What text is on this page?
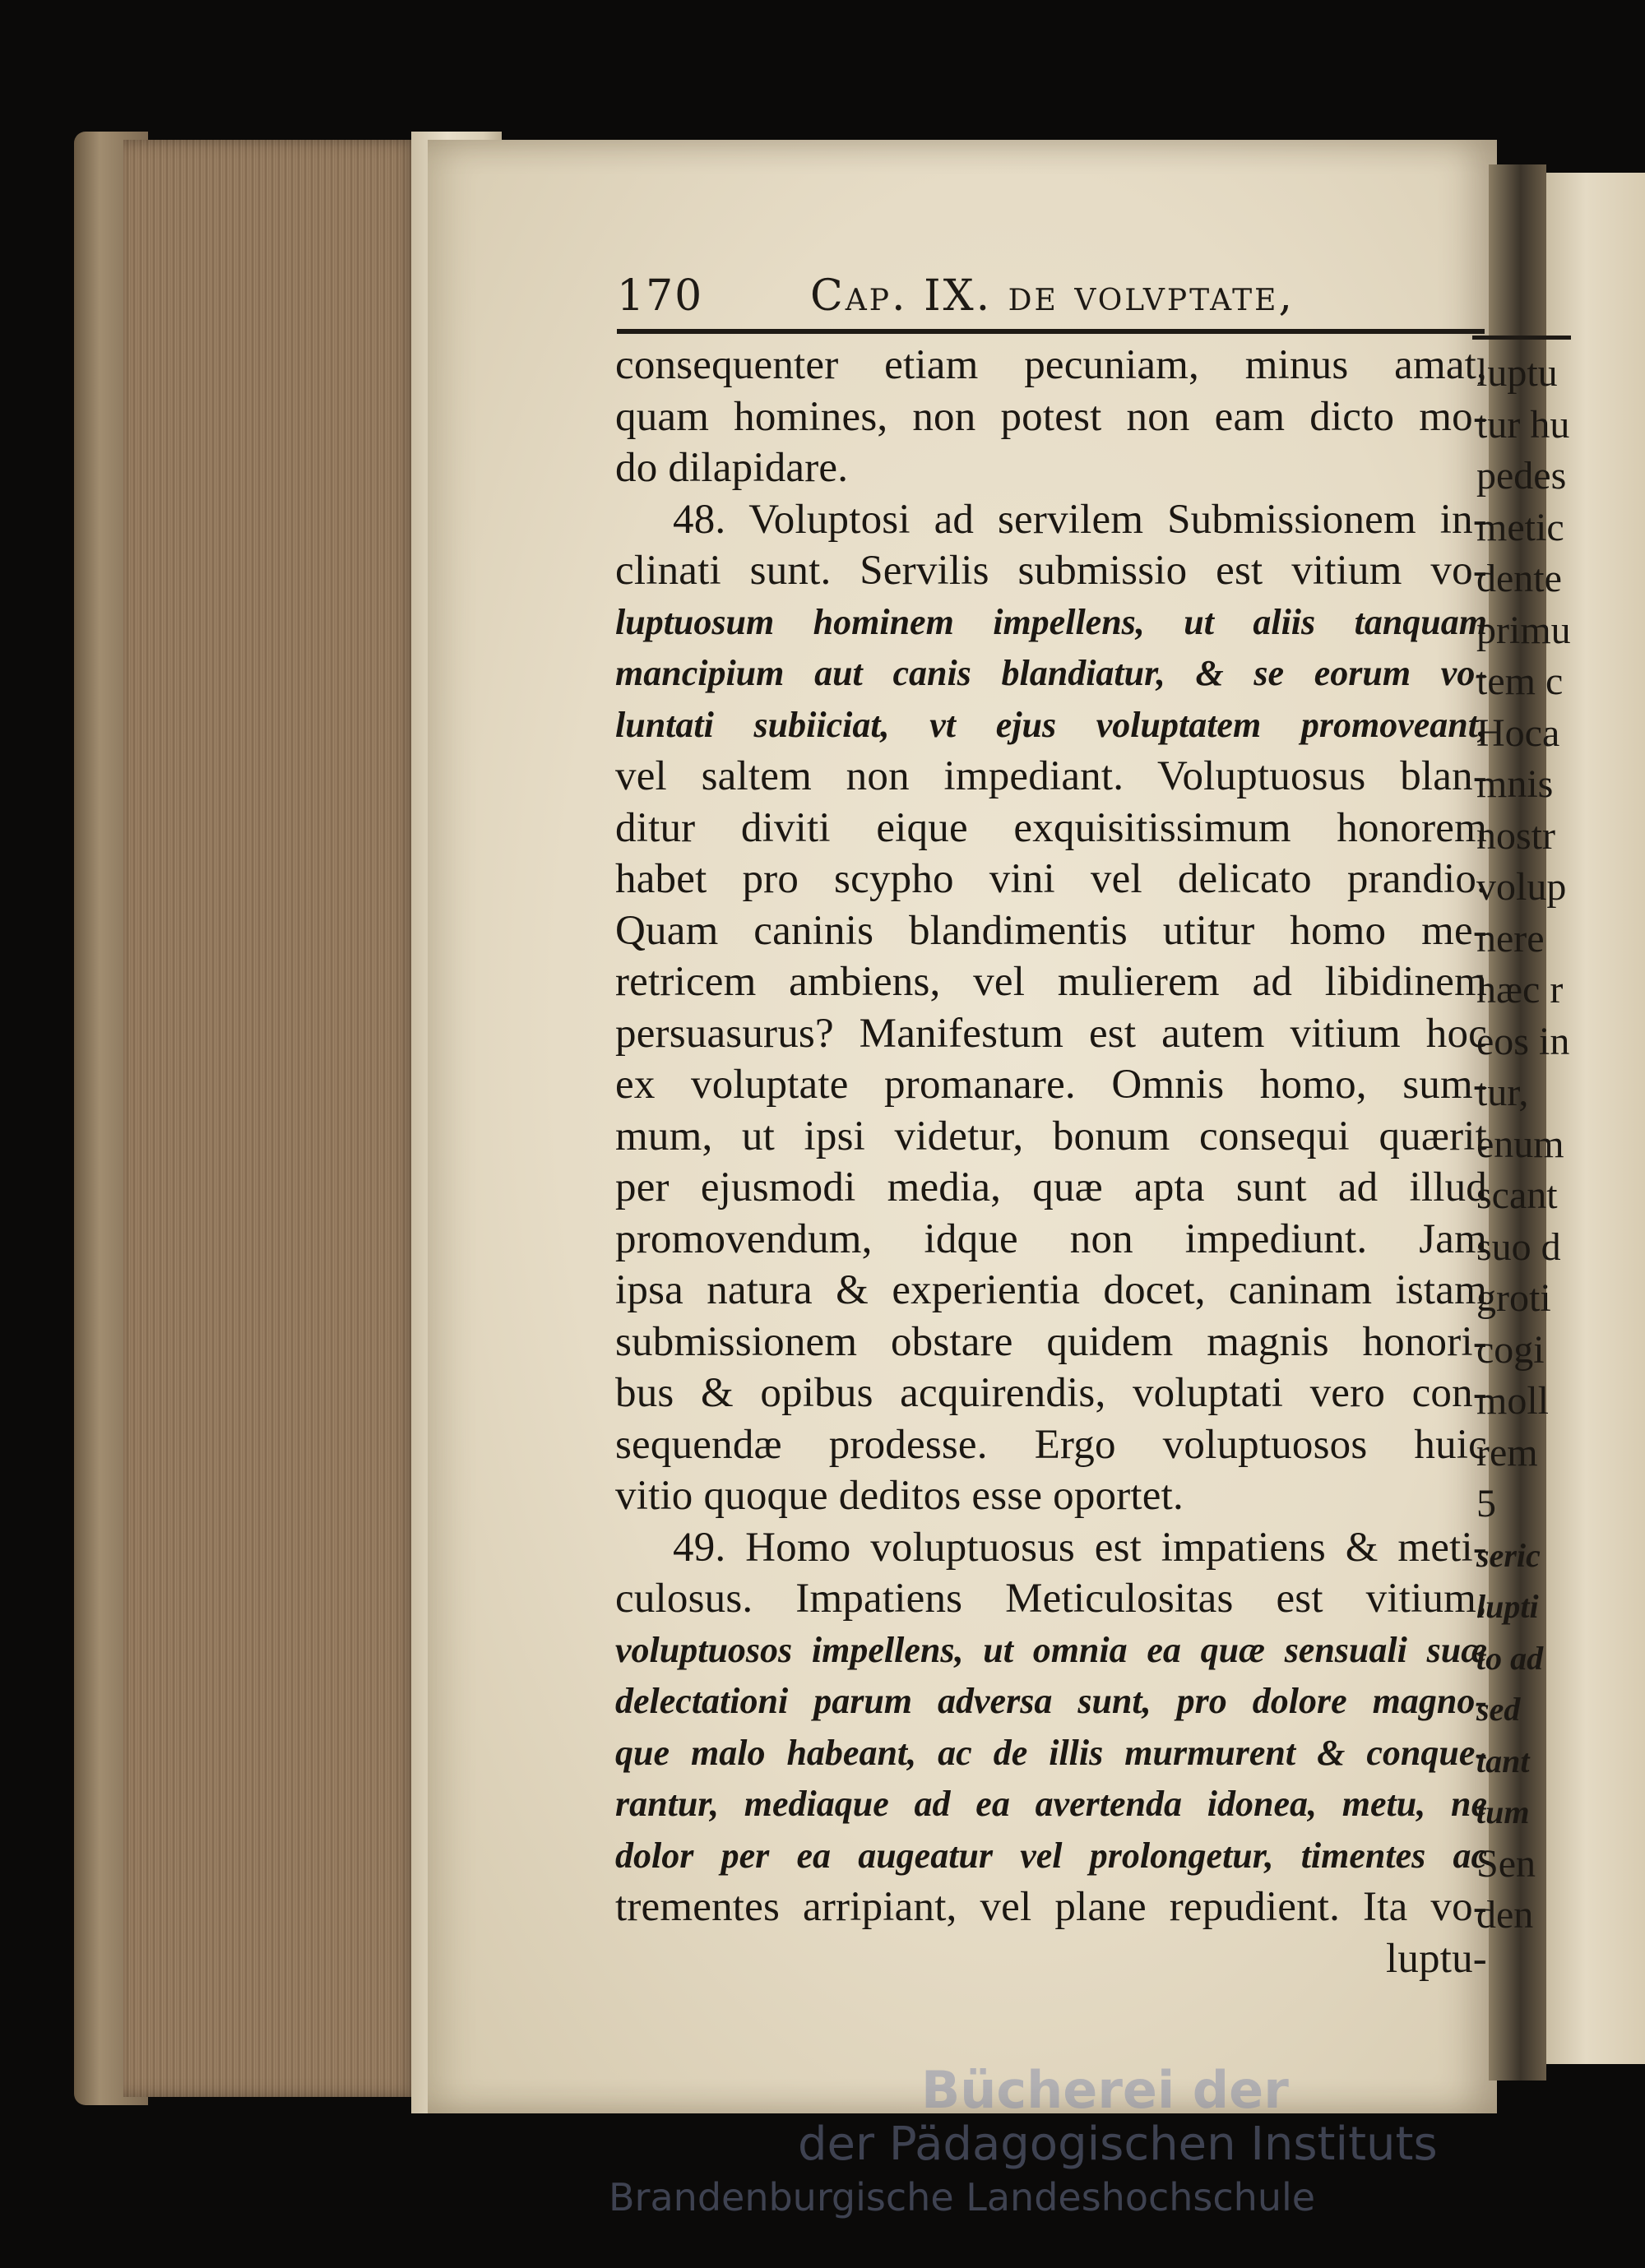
170 Cap. IX. de volvptate,
consequenter etiam pecuniam, minus amat,
quam homines, non potest non eam dicto mo-
do dilapidare.
48. Voluptosi ad servilem Submissionem in-
clinati sunt. Servilis submissio est vitium vo-
luptuosum hominem impellens, ut aliis tanquam
mancipium aut canis blandiatur, & se eorum vo-
luntati subiiciat, vt ejus voluptatem promoveant,
vel saltem non impediant. Voluptuosus blan-
ditur diviti eique exquisitissimum honorem
habet pro scypho vini vel delicato prandio.
Quam caninis blandimentis utitur homo me-
retricem ambiens, vel mulierem ad libidinem
persuasurus? Manifestum est autem vitium hoc
ex voluptate promanare. Omnis homo, sum-
mum, ut ipsi videtur, bonum consequi quærit
per ejusmodi media, quæ apta sunt ad illud
promovendum, idque non impediunt. Jam
ipsa natura & experientia docet, caninam istam
submissionem obstare quidem magnis honori-
bus & opibus acquirendis, voluptati vero con-
sequendæ prodesse. Ergo voluptuosos huic
vitio quoque deditos esse oportet.
49. Homo voluptuosus est impatiens & meti-
culosus. Impatiens Meticulositas est vitium,
voluptuosos impellens, ut omnia ea quæ sensuali suæ
delectationi parum adversa sunt, pro dolore magno-
que malo habeant, ac de illis murmurent & conque-
rantur, mediaque ad ea avertenda idonea, metu, ne
dolor per ea augeatur vel prolongetur, timentes ac
trementes arripiant, vel plane repudient. Ita vo-
luptu-
luptu
tur hu
pedes
metic
dente
primu
tem c
Hoca
mnis
nostr
volup
nere
hæc r
eos in
tur,
enum
scant
suo d
groti
cogi
moll
rem
5
seric
lupti
to ad
sed
tant
tum
Sen
den
Bücherei der
der Pädagogischen Instituts
Brandenburgische Landeshochschule
